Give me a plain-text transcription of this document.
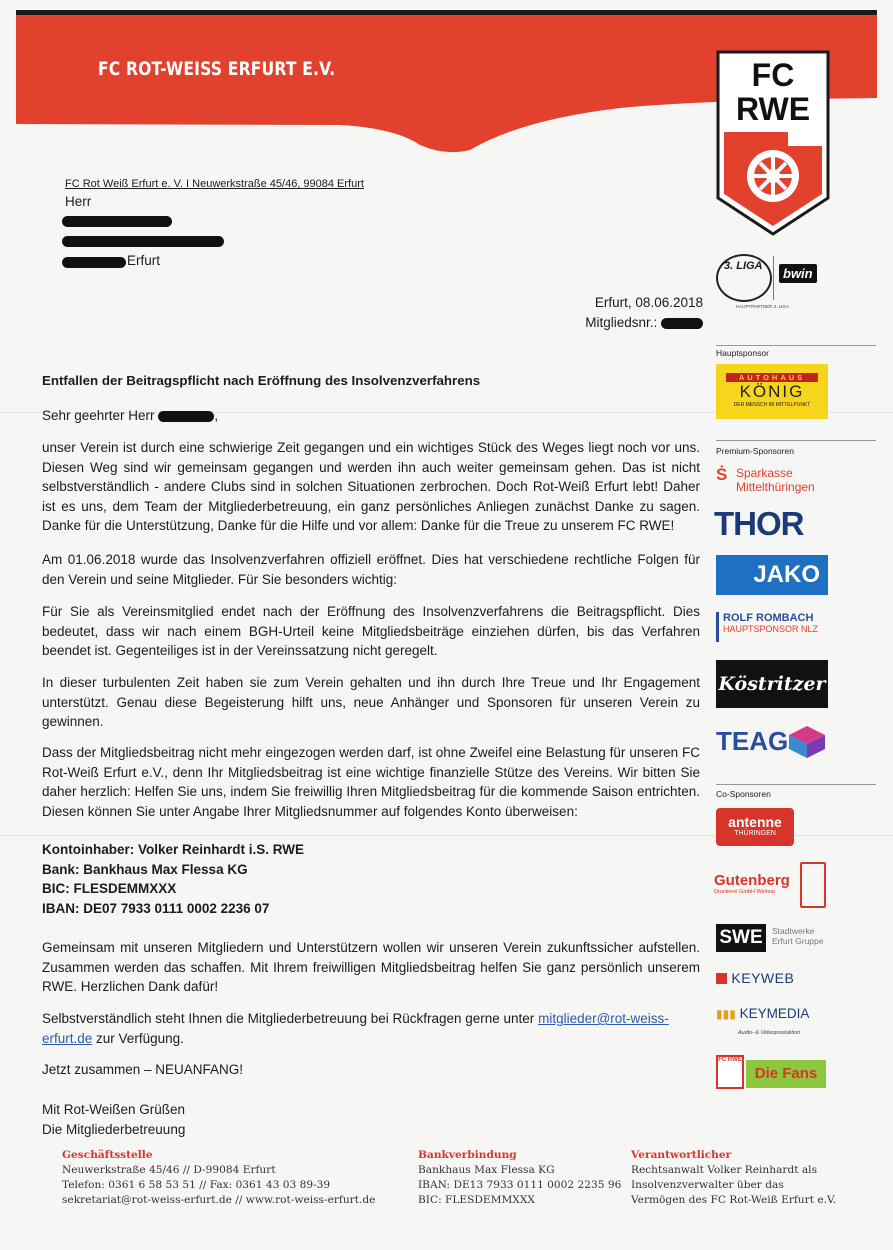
FC ROT-WEISS ERFURT E.V.	FC
RWE
FC Rot Weiß Erfurt e. V. I Neuwerkstraße 45/46, 99084 Erfurt
Herr
Erfurt
Erfurt, 08.06.2018
Mitgliedsnr.:
Entfallen der Beitragspflicht nach Eröffnung des Insolvenzverfahrens
Sehr geehrter Herr	,
unser Verein ist durch eine schwierige Zeit gegangen und ein wichtiges Stück des Weges liegt noch vor uns. Diesen Weg sind wir gemeinsam gegangen und werden ihn auch weiter gemeinsam gehen. Das ist nicht selbstverständlich - andere Clubs sind in solchen Situationen zerbrochen. Doch Rot-Weiß Erfurt lebt! Daher ist es uns, dem Team der Mitgliederbetreuung, ein ganz persönliches Anliegen zunächst Danke zu sagen. Danke für die Unterstützung, Danke für die Hilfe und vor allem: Danke für die Treue zu unserem FC RWE!
Am 01.06.2018 wurde das Insolvenzverfahren offiziell eröffnet. Dies hat verschiedene rechtliche Folgen für den Verein und seine Mitglieder. Für Sie besonders wichtig:
Für Sie als Vereinsmitglied endet nach der Eröffnung des Insolvenzverfahrens die Beitragspflicht. Dies bedeutet, dass wir nach einem BGH-Urteil keine Mitgliedsbeiträge einziehen dürfen, bis das Verfahren beendet ist. Gegenteiliges ist in der Vereinssatzung nicht geregelt.
In dieser turbulenten Zeit haben sie zum Verein gehalten und ihn durch Ihre Treue und Ihr Engagement unterstützt. Genau diese Begeisterung hilft uns, neue Anhänger und Sponsoren für unseren Verein zu gewinnen.
Dass der Mitgliedsbeitrag nicht mehr eingezogen werden darf, ist ohne Zweifel eine Belastung für unseren FC Rot-Weiß Erfurt e.V., denn Ihr Mitgliedsbeitrag ist eine wichtige finanzielle Stütze des Vereins. Wir bitten Sie daher herzlich: Helfen Sie uns, indem Sie freiwillig Ihren Mitgliedsbeitrag für die kommende Saison entrichten. Diesen können Sie unter Angabe Ihrer Mitgliedsnummer auf folgendes Konto überweisen:
Kontoinhaber: Volker Reinhardt i.S. RWE
Bank: Bankhaus Max Flessa KG
BIC: FLESDEMMXXX
IBAN: DE07 7933 0111 0002 2236 07
Gemeinsam mit unseren Mitgliedern und Unterstützern wollen wir unseren Verein zukunftssicher aufstellen. Zusammen werden das schaffen. Mit Ihrem freiwilligen Mitgliedsbeitrag helfen Sie ganz persönlich unserem RWE. Herzlichen Dank dafür!
Selbstverständlich steht Ihnen die Mitgliederbetreuung bei Rückfragen gerne unter mitglieder@rot-weiss-
erfurt.de zur Verfügung.
Jetzt zusammen – NEUANFANG!
Mit Rot-Weißen Grüßen
Die Mitgliederbetreuung
Geschäftsstelle
Neuwerkstraße 45/46 // D-99084 Erfurt
Telefon: 0361 6 58 53 51 // Fax: 0361 43 03 89-39
sekretariat@rot-weiss-erfurt.de // www.rot-weiss-erfurt.de
Bankverbindung
Bankhaus Max Flessa KG
IBAN: DE13 7933 0111 0002 2235 96
BIC: FLESDEMMXXX
Verantwortlicher
Rechtsanwalt Volker Reinhardt als
Insolvenzverwalter über das
Vermögen des FC Rot-Weiß Erfurt e.V.
3. LIGA	bwin
HAUPTPARTNER 3. LIGA
Hauptsponsor
AUTOHAUS
KÖNIG
DER MENSCH IM MITTELPUNKT
Premium-Sponsoren
Ṡ Sparkasse
Mittelthüringen
THOR
JAKO
ROLF ROMBACH
HAUPTSPONSOR NLZ
Köstritzer
TEAG
Co-Sponsoren
antenne
THÜRINGEN
Gutenberg
Druckerei GmbH Weimar
SWE	Stadtwerke
Erfurt Gruppe
KEYWEB
▮▮▮ KEYMEDIA
Audio- & Videoproduktion
FC RWE
Die Fans
